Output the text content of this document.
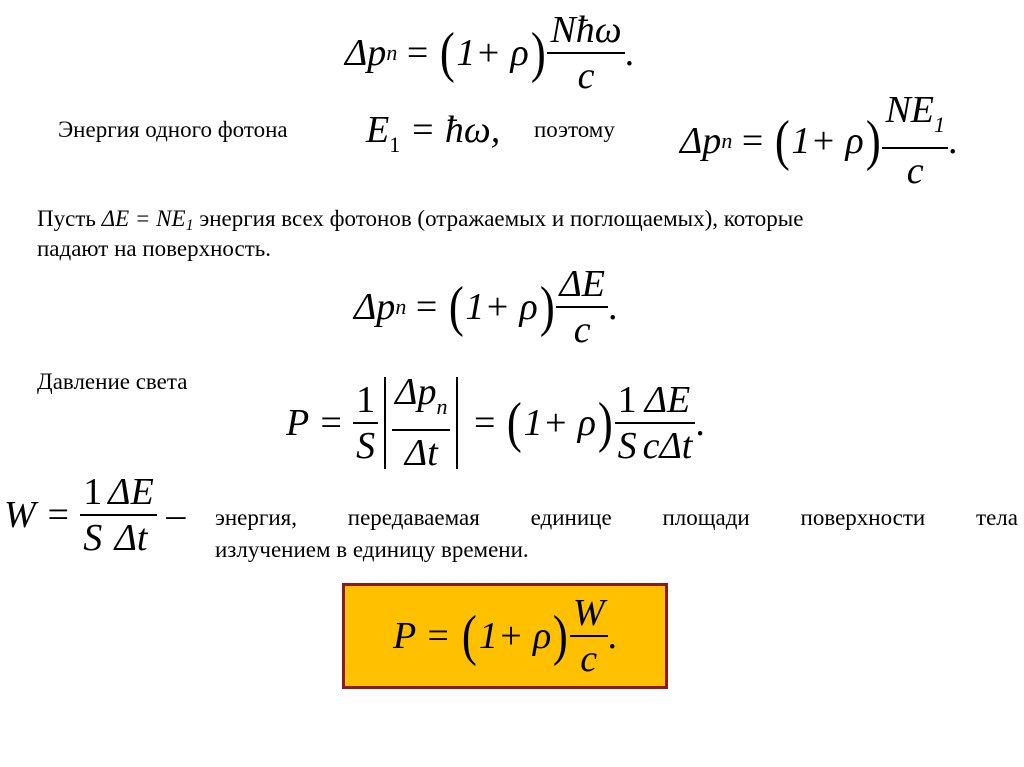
Δp n = ( 1+ ρ ) $\frac{\text{Nħω}}{c}$ .
Энергия одного фотона $E_1$ = ħω, поэтому Δp n = ( 1+ ρ ) $\frac{NE_1}{c}$ .
Пусть ΔE = NE1 энергия всех фотонов (отражаемых и поглощаемых), которые
падают на поверхность.
Δp n = ( 1+ ρ ) $\frac{\Delta E}{c}$ .
Давление света
$P = \frac{1}{S} \frac{\Delta p_n}{\Delta t}$ = ( 1+ ρ ) $\frac{1}{S} \frac{\Delta E}{\text{cΔt}}$ .
$W = \frac{1}{S} \frac{\Delta E}{\Delta t}$ – энергия, передаваемая единице площади поверхности тела
излучением в единицу времени.
P = ( 1+ ρ ) $\frac{W}{c}$ .
